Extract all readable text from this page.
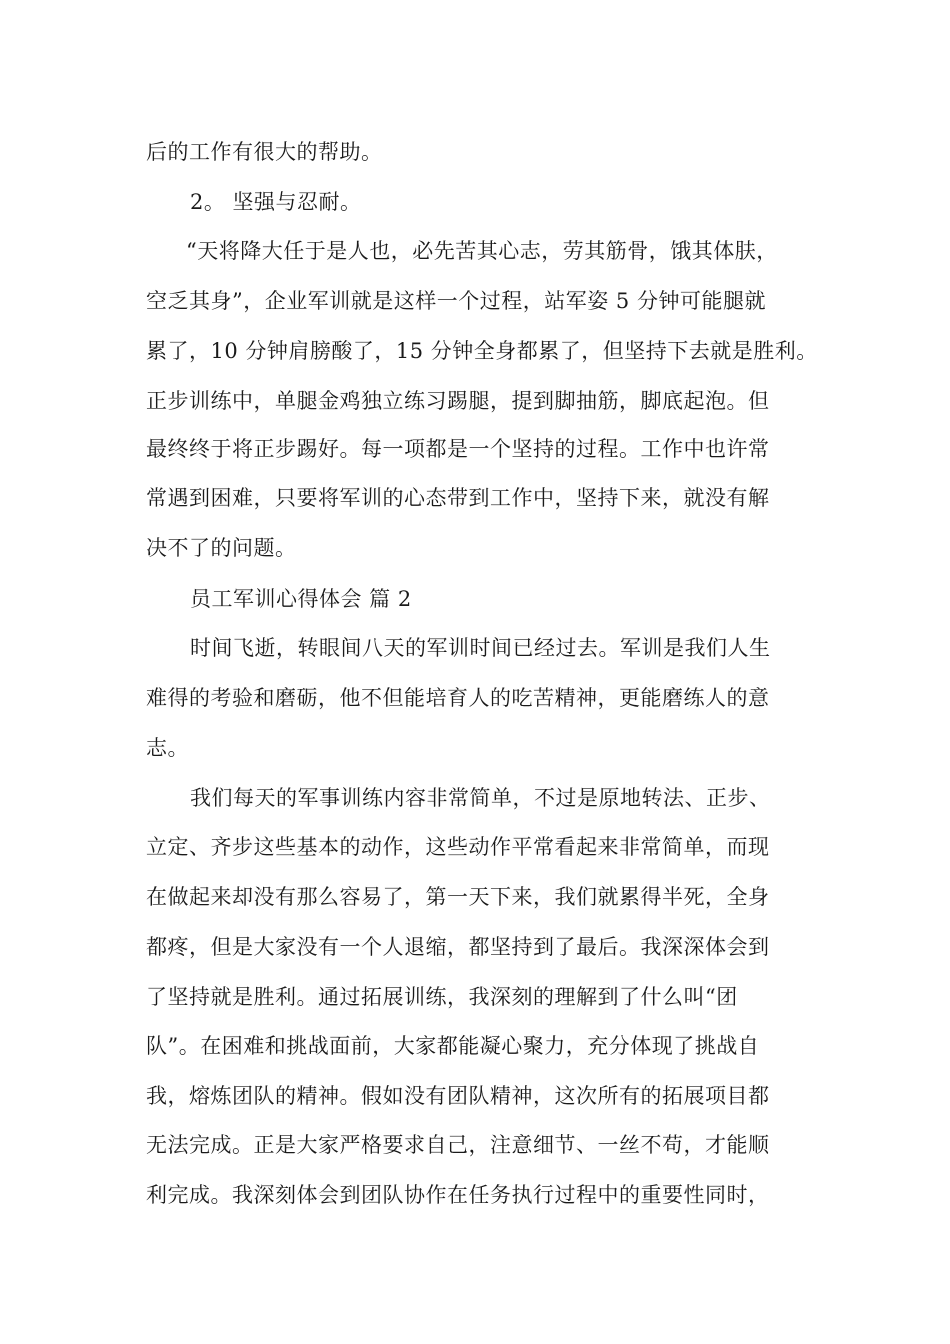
后的工作有很大的帮助。
2。 坚强与忍耐。
“天将降大任于是人也，必先苦其心志，劳其筋骨，饿其体肤，
空乏其身”，企业军训就是这样一个过程，站军姿 5 分钟可能腿就
累了，10 分钟肩膀酸了，15 分钟全身都累了，但坚持下去就是胜利。
正步训练中，单腿金鸡独立练习踢腿，提到脚抽筋，脚底起泡。但
最终终于将正步踢好。每一项都是一个坚持的过程。工作中也许常
常遇到困难，只要将军训的心态带到工作中，坚持下来，就没有解
决不了的问题。
员工军训心得体会 篇 2
时间飞逝，转眼间八天的军训时间已经过去。军训是我们人生
难得的考验和磨砺，他不但能培育人的吃苦精神，更能磨练人的意
志。
我们每天的军事训练内容非常简单，不过是原地转法、正步、
立定、齐步这些基本的动作，这些动作平常看起来非常简单，而现
在做起来却没有那么容易了，第一天下来，我们就累得半死，全身
都疼，但是大家没有一个人退缩，都坚持到了最后。我深深体会到
了坚持就是胜利。通过拓展训练，我深刻的理解到了什么叫“团
队”。在困难和挑战面前，大家都能凝心聚力，充分体现了挑战自
我，熔炼团队的精神。假如没有团队精神，这次所有的拓展项目都
无法完成。正是大家严格要求自己，注意细节、一丝不苟，才能顺
利完成。我深刻体会到团队协作在任务执行过程中的重要性同时，
